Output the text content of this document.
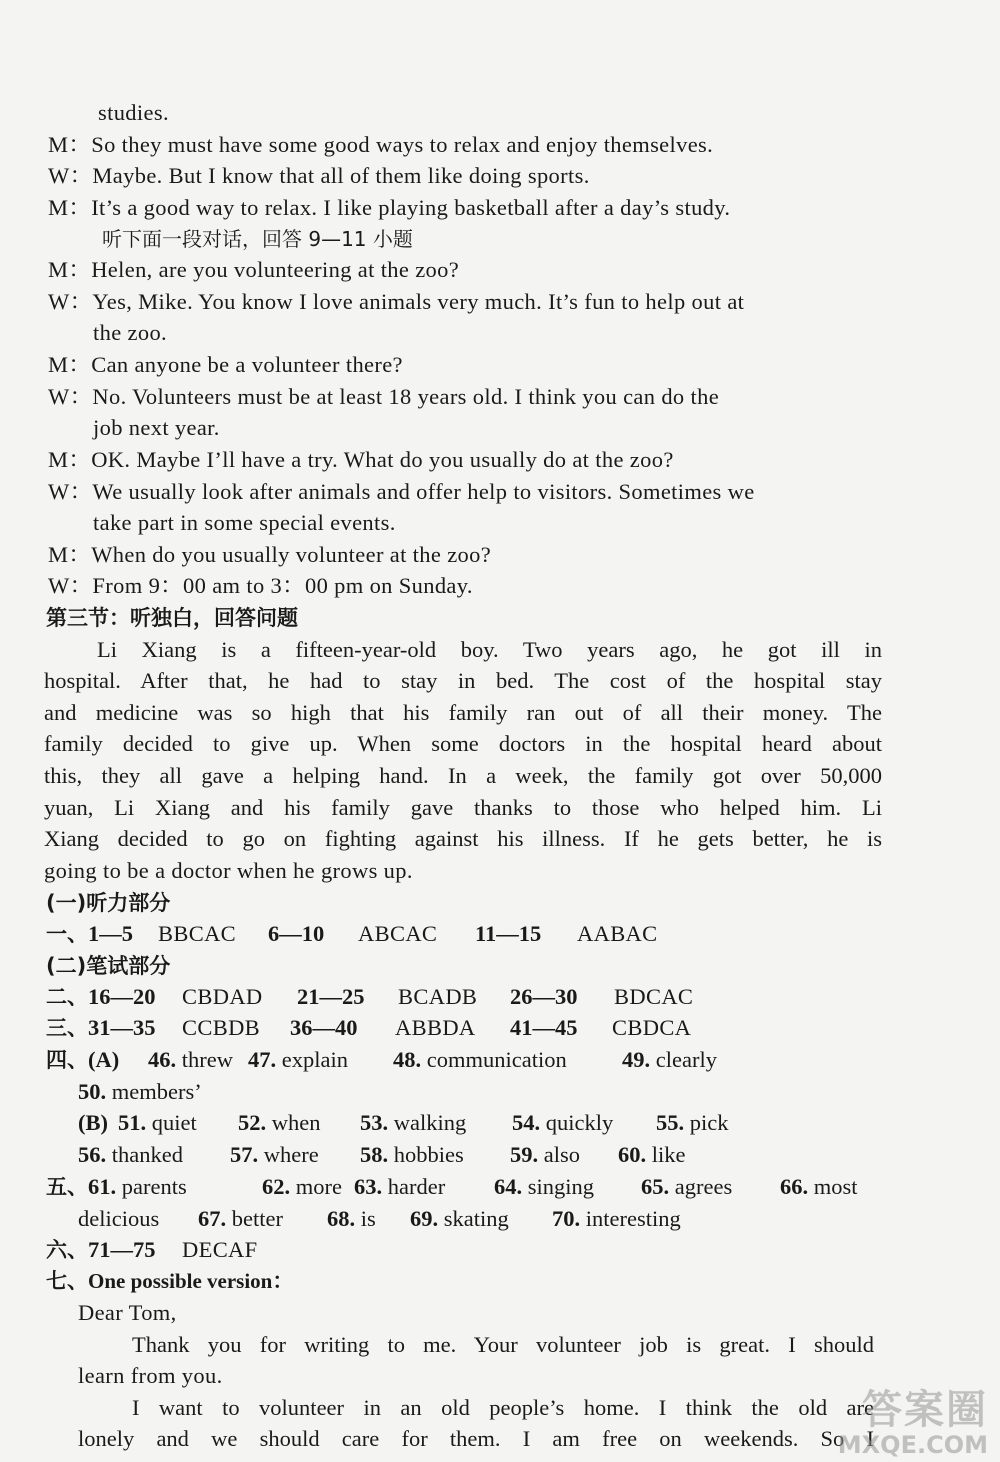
studies.
M：So they must have some good ways to relax and enjoy themselves.
W：Maybe. But I know that all of them like doing sports.
M：It’s a good way to relax. I like playing basketball after a day’s study.
听下面一段对话，回答 9—11 小题
M：Helen, are you volunteering at the zoo?
W：Yes, Mike. You know I love animals very much. It’s fun to help out at
the zoo.
M：Can anyone be a volunteer there?
W：No. Volunteers must be at least 18 years old. I think you can do the
job next year.
M：OK. Maybe I’ll have a try. What do you usually do at the zoo?
W：We usually look after animals and offer help to visitors. Sometimes we
take part in some special events.
M：When do you usually volunteer at the zoo?
W：From 9：00 am to 3：00 pm on Sunday.
第三节：听独白，回答问题
Li Xiang is a fifteen-year-old boy. Two years ago, he got ill in
hospital. After that, he had to stay in bed. The cost of the hospital stay
and medicine was so high that his family ran out of all their money. The
family decided to give up. When some doctors in the hospital heard about
this, they all gave a helping hand. In a week, the family got over 50,000
yuan, Li Xiang and his family gave thanks to those who helped him. Li
Xiang decided to go on fighting against his illness. If he gets better, he is
going to be a doctor when he grows up.
(一)听力部分
一、1—5 BBCAC 6—10 ABCAC 11—15 AABAC
(二)笔试部分
二、16—20 CBDAD 21—25 BCADB 26—30 BDCAC
三、31—35 CCBDB 36—40 ABBDA 41—45 CBDCA
四、(A) 46. threw 47. explain 48. communication 49. clearly
50. members’
(B) 51. quiet 52. when 53. walking 54. quickly 55. pick
56. thanked 57. where 58. hobbies 59. also 60. like
五、61. parents	62. more 63. harder 64. singing 65. agrees 66. most
delicious 67. better 68. is 69. skating 70. interesting
六、71—75 DECAF
七、One possible version：
Dear Tom,
Thank you for writing to me. Your volunteer job is great. I should
learn from you.
I want to volunteer in an old people’s home. I think the old are
lonely and we should care for them. I am free on weekends. So I
答案圈
MXQE.COM
